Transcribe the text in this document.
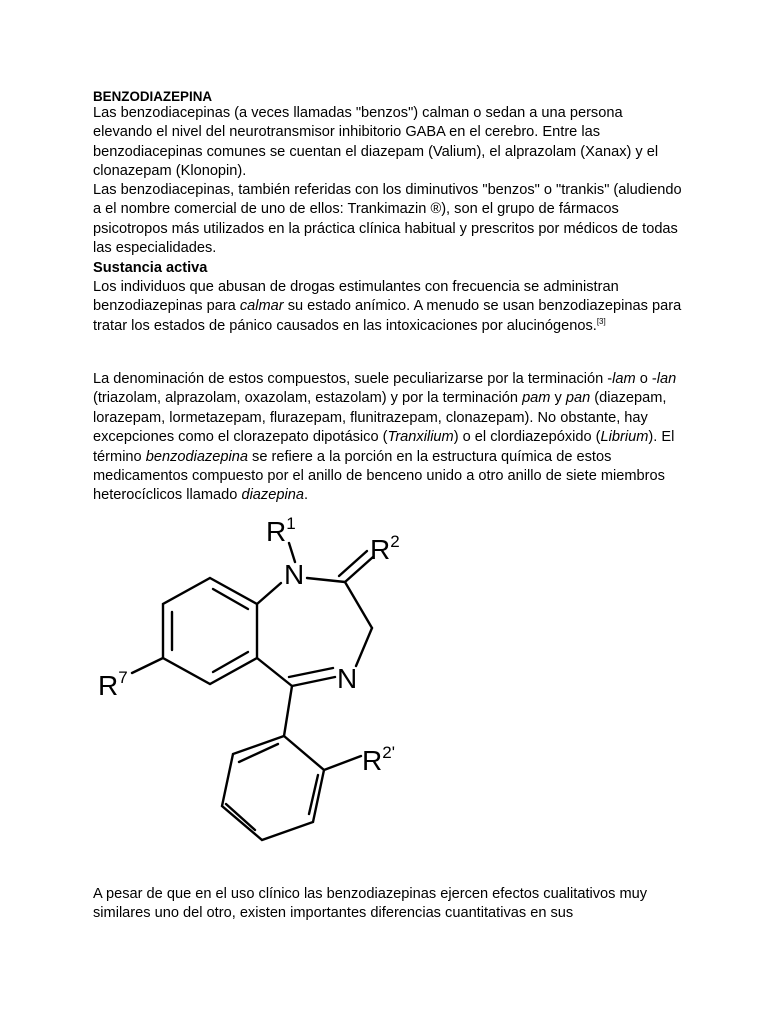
BENZODIAZEPINA
Las benzodiacepinas (a veces llamadas "benzos") calman o sedan a una persona elevando el nivel del neurotransmisor inhibitorio GABA en el cerebro. Entre las benzodiacepinas comunes se cuentan el diazepam (Valium), el alprazolam (Xanax) y el clonazepam (Klonopin).
Las benzodiacepinas, también referidas con los diminutivos "benzos" o "trankis" (aludiendo a el nombre comercial de uno de ellos: Trankimazin ®), son el grupo de fármacos psicotropos más utilizados en la práctica clínica habitual y prescritos por médicos de todas las especialidades.
Sustancia activa
Los individuos que abusan de drogas estimulantes con frecuencia se administran benzodiazepinas para calmar su estado anímico. A menudo se usan benzodiazepinas para tratar los estados de pánico causados en las intoxicaciones por alucinógenos.[3]
La denominación de estos compuestos, suele peculiarizarse por la terminación -lam o -lan (triazolam, alprazolam, oxazolam, estazolam) y por la terminación pam y pan (diazepam, lorazepam, lormetazepam, flurazepam, flunitrazepam, clonazepam). No obstante, hay excepciones como el clorazepato dipotásico (Tranxilium) o el clordiazepóxido (Librium). El término benzodiazepina se refiere a la porción en la estructura química de estos medicamentos compuesto por el anillo de benceno unido a otro anillo de siete miembros heterocíclicos llamado diazepina.
$R^1$
$R^2$
N
N
$R^7$
$R^{2'}$
A pesar de que en el uso clínico las benzodiazepinas ejercen efectos cualitativos muy similares uno del otro, existen importantes diferencias cuantitativas en sus
